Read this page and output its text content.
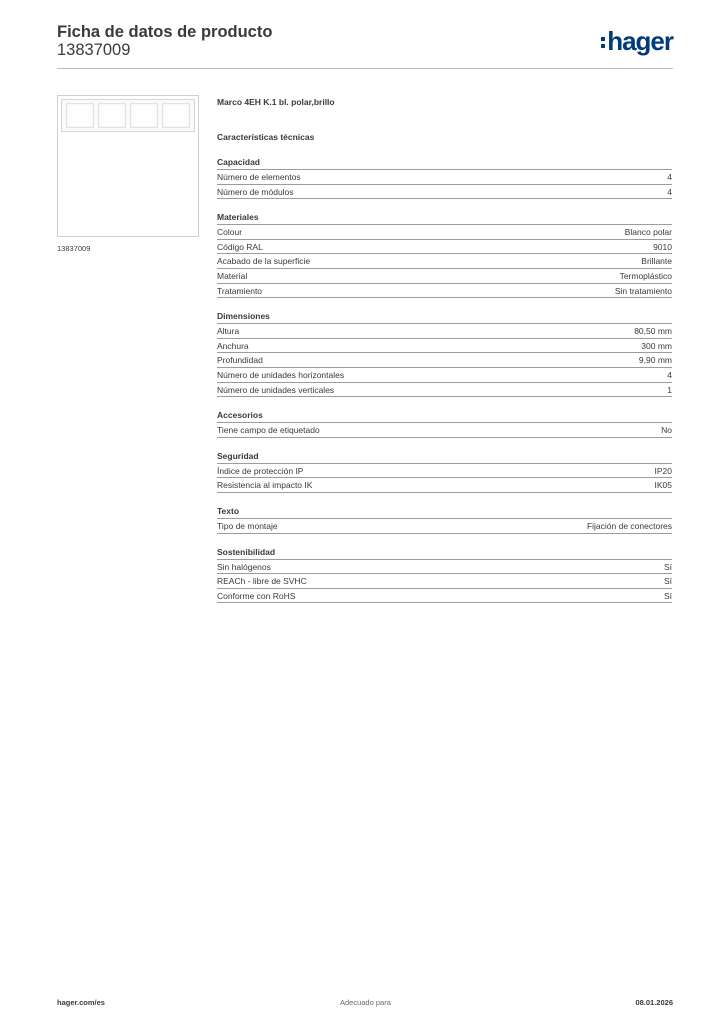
Ficha de datos de producto
13837009	hager
13837009
Marco 4EH K.1 bl. polar,brillo
Características técnicas
Capacidad
Número de elementos	4
Número de módulos	4
Materiales
Colour	Blanco polar
Código RAL	9010
Acabado de la superficie	Brillante
Material	Termoplástico
Tratamiento	Sin tratamiento
Dimensiones
Altura	80,50 mm
Anchura	300 mm
Profundidad	9,90 mm
Número de unidades horizontales	4
Número de unidades verticales	1
Accesorios
Tiene campo de etiquetado	No
Seguridad
Índice de protección IP	IP20
Resistencia al impacto IK	IK05
Texto
Tipo de montaje	Fijación de conectores
Sostenibilidad
Sin halógenos	Sí
REACh - libre de SVHC	Sí
Conforme con RoHS	Sí
hager.com/es	Adecuado para	08.01.2026
